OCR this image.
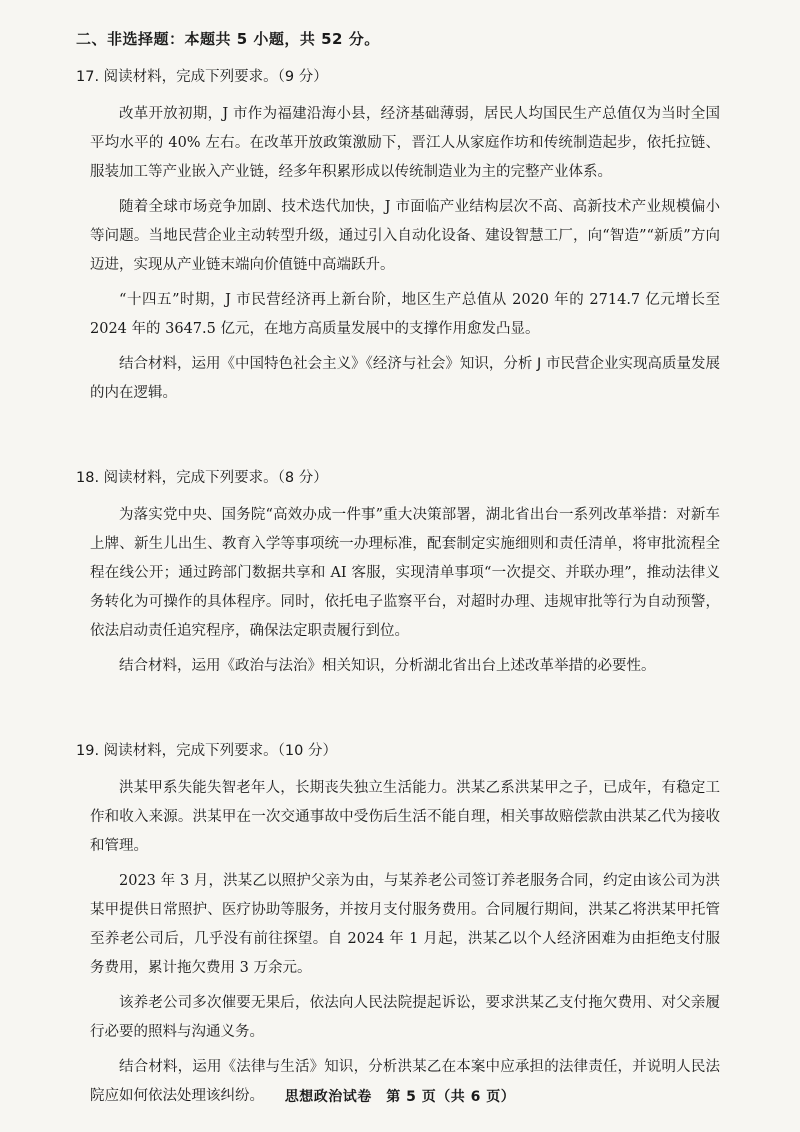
二、非选择题：本题共 5 小题，共 52 分。
17. 阅读材料，完成下列要求。（9 分）

改革开放初期，J 市作为福建沿海小县，经济基础薄弱，居民人均国民生产总值仅为当时全国平均水平的 40% 左右。在改革开放政策激励下，晋江人从家庭作坊和传统制造起步，依托拉链、服装加工等产业嵌入产业链，经多年积累形成以传统制造业为主的完整产业体系。

随着全球市场竞争加剧、技术迭代加快，J 市面临产业结构层次不高、高新技术产业规模偏小等问题。当地民营企业主动转型升级，通过引入自动化设备、建设智慧工厂，向“智造”“新质”方向迈进，实现从产业链末端向价值链中高端跃升。

“十四五”时期，J 市民营经济再上新台阶，地区生产总值从 2020 年的 2714.7 亿元增长至 2024 年的 3647.5 亿元，在地方高质量发展中的支撑作用愈发凸显。

结合材料，运用《中国特色社会主义》《经济与社会》知识，分析 J 市民营企业实现高质量发展的内在逻辑。

18. 阅读材料，完成下列要求。（8 分）

为落实党中央、国务院“高效办成一件事”重大决策部署，湖北省出台一系列改革举措：对新车上牌、新生儿出生、教育入学等事项统一办理标准，配套制定实施细则和责任清单，将审批流程全程在线公开；通过跨部门数据共享和 AI 客服，实现清单事项“一次提交、并联办理”，推动法律义务转化为可操作的具体程序。同时，依托电子监察平台，对超时办理、违规审批等行为自动预警，依法启动责任追究程序，确保法定职责履行到位。

结合材料，运用《政治与法治》相关知识，分析湖北省出台上述改革举措的必要性。

19. 阅读材料，完成下列要求。（10 分）

洪某甲系失能失智老年人，长期丧失独立生活能力。洪某乙系洪某甲之子，已成年，有稳定工作和收入来源。洪某甲在一次交通事故中受伤后生活不能自理，相关事故赔偿款由洪某乙代为接收和管理。

2023 年 3 月，洪某乙以照护父亲为由，与某养老公司签订养老服务合同，约定由该公司为洪某甲提供日常照护、医疗协助等服务，并按月支付服务费用。合同履行期间，洪某乙将洪某甲托管至养老公司后，几乎没有前往探望。自 2024 年 1 月起，洪某乙以个人经济困难为由拒绝支付服务费用，累计拖欠费用 3 万余元。

该养老公司多次催要无果后，依法向人民法院提起诉讼，要求洪某乙支付拖欠费用、对父亲履行必要的照料与沟通义务。

结合材料，运用《法律与生活》知识，分析洪某乙在本案中应承担的法律责任，并说明人民法院应如何依法处理该纠纷。	思想政治试卷　第 5 页（共 6 页）
